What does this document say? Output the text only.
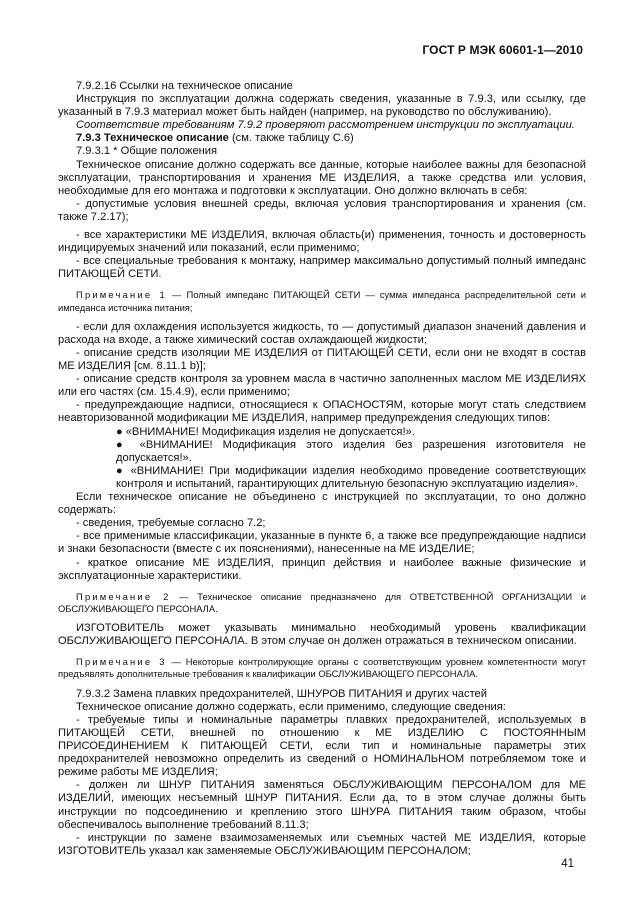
ГОСТ Р МЭК 60601-1—2010

7.9.2.16 Ссылки на техническое описание

Инструкция по эксплуатации должна содержать сведения, указанные в 7.9.3, или ссылку, где указанный в 7.9.3 материал может быть найден (например, на руководство по обслуживанию).

Соответствие требованиям 7.9.2 проверяют рассмотрением инструкции по эксплуатации.

7.9.3 Техническое описание (см. также таблицу С.6)

7.9.3.1 * Общие положения

Техническое описание должно содержать все данные, которые наиболее важны для безопасной эксплуатации, транспортирования и хранения МЕ ИЗДЕЛИЯ, а также средства или условия, необходимые для его монтажа и подготовки к эксплуатации. Оно должно включать в себя:

- допустимые условия внешней среды, включая условия транспортирования и хранения (см. также 7.2.17);

- все характеристики МЕ ИЗДЕЛИЯ, включая область(и) применения, точность и достоверность индицируемых значений или показаний, если применимо;

- все специальные требования к монтажу, например максимально допустимый полный импеданс ПИТАЮЩЕЙ СЕТИ.

Примечание 1 — Полный импеданс ПИТАЮЩЕЙ СЕТИ — сумма импеданса распределительной сети и импеданса источника питания;

- если для охлаждения используется жидкость, то — допустимый диапазон значений давления и расхода на входе, а также химический состав охлаждающей жидкости;

- описание средств изоляции МЕ ИЗДЕЛИЯ от ПИТАЮЩЕЙ СЕТИ, если они не входят в состав МЕ ИЗДЕЛИЯ [см. 8.11.1 b)];

- описание средств контроля за уровнем масла в частично заполненных маслом МЕ ИЗДЕЛИЯХ или его частях (см. 15.4.9), если применимо;

- предупреждающие надписи, относящиеся к ОПАСНОСТЯМ, которые могут стать следствием неавторизованной модификации МЕ ИЗДЕЛИЯ, например предупреждения следующих типов:

● «ВНИМАНИЕ! Модификация изделия не допускается!».

● «ВНИМАНИЕ! Модификация этого изделия без разрешения изготовителя не допускается!».

● «ВНИМАНИЕ! При модификации изделия необходимо проведение соответствующих контроля и испытаний, гарантирующих длительную безопасную эксплуатацию изделия».

Если техническое описание не объединено с инструкцией по эксплуатации, то оно должно содержать:

- сведения, требуемые согласно 7.2;

- все применимые классификации, указанные в пункте 6, а также все предупреждающие надписи и знаки безопасности (вместе с их пояснениями), нанесенные на МЕ ИЗДЕЛИЕ;

- краткое описание МЕ ИЗДЕЛИЯ, принцип действия и наиболее важные физические и эксплуатационные характеристики.

Примечание 2 — Техническое описание предназначено для ОТВЕТСТВЕННОЙ ОРГАНИЗАЦИИ и ОБСЛУЖИВАЮЩЕГО ПЕРСОНАЛА.

ИЗГОТОВИТЕЛЬ может указывать минимально необходимый уровень квалификации ОБСЛУЖИВАЮЩЕГО ПЕРСОНАЛА. В этом случае он должен отражаться в техническом описании.

Примечание 3 — Некоторые контролирующие органы с соответствующим уровнем компетентности могут предъявлять дополнительные требования к квалификации ОБСЛУЖИВАЮЩЕГО ПЕРСОНАЛА.

7.9.3.2 Замена плавких предохранителей, ШНУРОВ ПИТАНИЯ и других частей

Техническое описание должно содержать, если применимо, следующие сведения:

- требуемые типы и номинальные параметры плавких предохранителей, используемых в ПИТАЮЩЕЙ СЕТИ, внешней по отношению к МЕ ИЗДЕЛИЮ С ПОСТОЯННЫМ ПРИСОЕДИНЕНИЕМ К ПИТАЮЩЕЙ СЕТИ, если тип и номинальные параметры этих предохранителей невозможно определить из сведений о НОМИНАЛЬНОМ потребляемом токе и режиме работы МЕ ИЗДЕЛИЯ;

- должен ли ШНУР ПИТАНИЯ заменяться ОБСЛУЖИВАЮЩИМ ПЕРСОНАЛОМ для МЕ ИЗДЕЛИЙ, имеющих несъемный ШНУР ПИТАНИЯ. Если да, то в этом случае должны быть инструкции по подсоединению и креплению этого ШНУРА ПИТАНИЯ таким образом, чтобы обеспечивалось выполнение требований 8.11.3;

- инструкции по замене взаимозаменяемых или съемных частей МЕ ИЗДЕЛИЯ, которые ИЗГОТОВИТЕЛЬ указал как заменяемые ОБСЛУЖИВАЮЩИМ ПЕРСОНАЛОМ;

41
